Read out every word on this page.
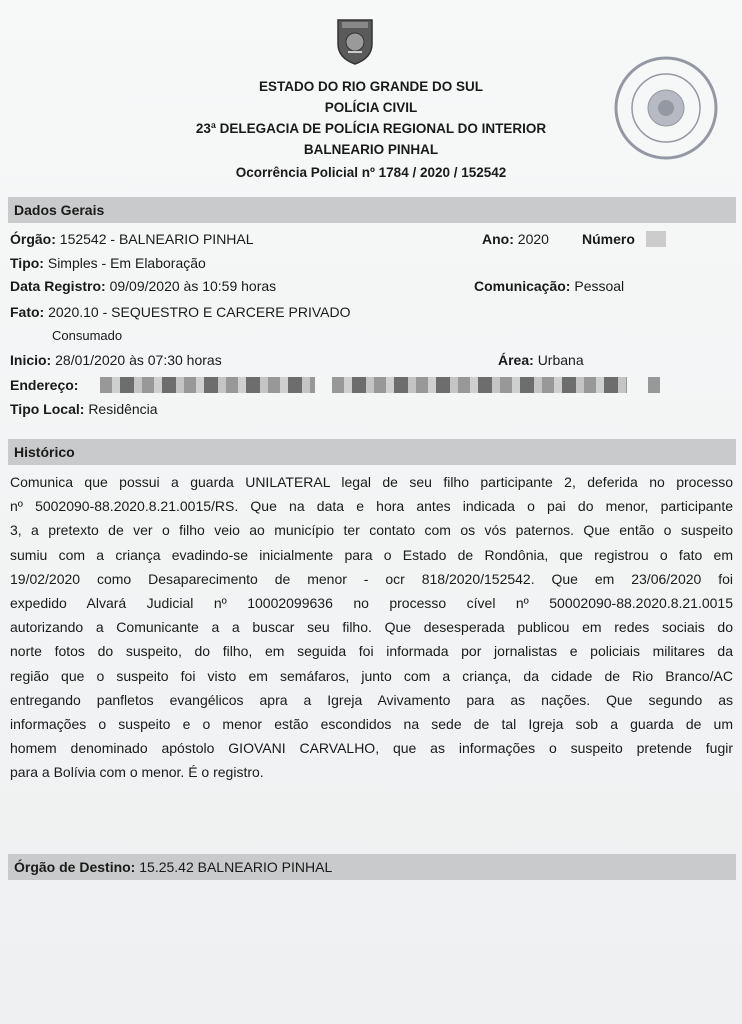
ESTADO DO RIO GRANDE DO SUL
POLÍCIA CIVIL
23ª DELEGACIA DE POLÍCIA REGIONAL DO INTERIOR
BALNEARIO PINHAL
Ocorrência Policial nº 1784 / 2020 / 152542
Dados Gerais
Órgão: 152542 - BALNEARIO PINHAL	Ano: 2020 Número
Tipo: Simples - Em Elaboração
Data Registro: 09/09/2020 às 10:59 horas	Comunicação: Pessoal
Fato: 2020.10 - SEQUESTRO E CARCERE PRIVADO
Consumado
Inicio: 28/01/2020 às 07:30 horas	Área: Urbana
Endereço:
Tipo Local: Residência
Histórico
Comunica que possui a guarda UNILATERAL legal de seu filho participante 2, deferida no processo
nº 5002090-88.2020.8.21.0015/RS. Que na data e hora antes indicada o pai do menor, participante
3, a pretexto de ver o filho veio ao município ter contato com os vós paternos. Que então o suspeito
sumiu com a criança evadindo-se inicialmente para o Estado de Rondônia, que registrou o fato em
19/02/2020 como Desaparecimento de menor - ocr 818/2020/152542. Que em 23/06/2020 foi
expedido Alvará Judicial nº 10002099636 no processo cível nº 50002090-88.2020.8.21.0015
autorizando a Comunicante a a buscar seu filho. Que desesperada publicou em redes sociais do
norte fotos do suspeito, do filho, em seguida foi informada por jornalistas e policiais militares da
região que o suspeito foi visto em semáfaros, junto com a criança, da cidade de Rio Branco/AC
entregando panfletos evangélicos apra a Igreja Avivamento para as nações. Que segundo as
informações o suspeito e o menor estão escondidos na sede de tal Igreja sob a guarda de um
homem denominado apóstolo GIOVANI CARVALHO, que as informações o suspeito pretende fugir
para a Bolívia com o menor. É o registro.
Órgão de Destino: 15.25.42 BALNEARIO PINHAL
